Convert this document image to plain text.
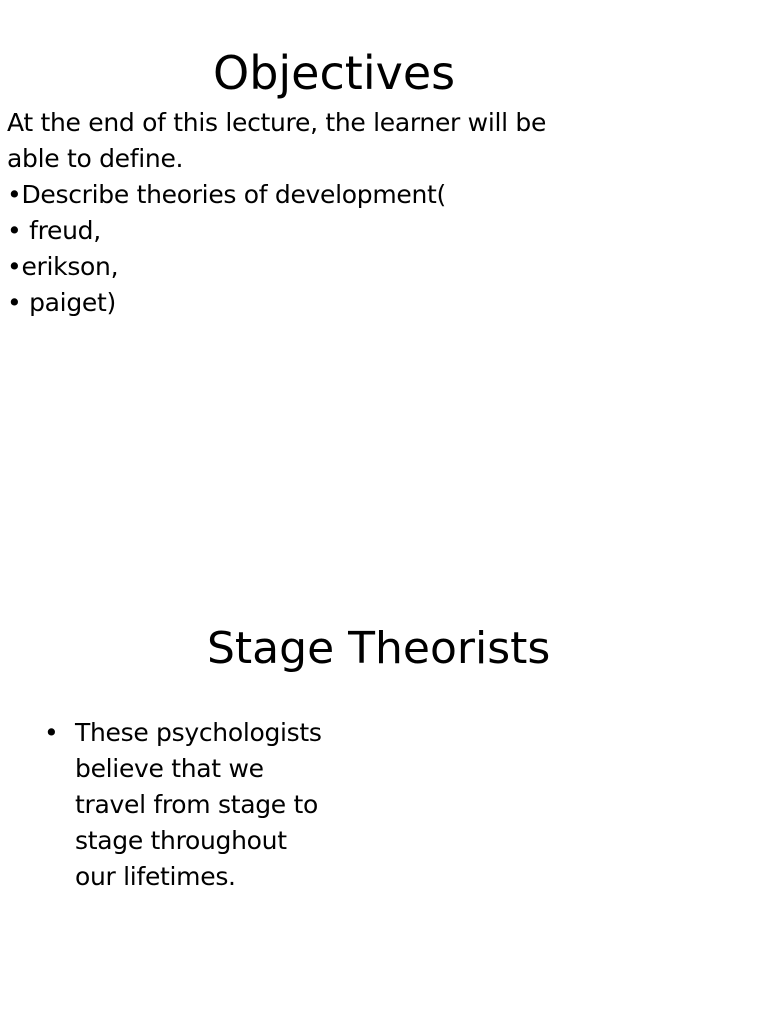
Objectives
At the end of this lecture, the learner will be
able to define.
•Describe theories of development(
• freud,
•erikson,
• paiget)
Stage Theorists
• These psychologists
believe that we
travel from stage to
stage throughout
our lifetimes.
